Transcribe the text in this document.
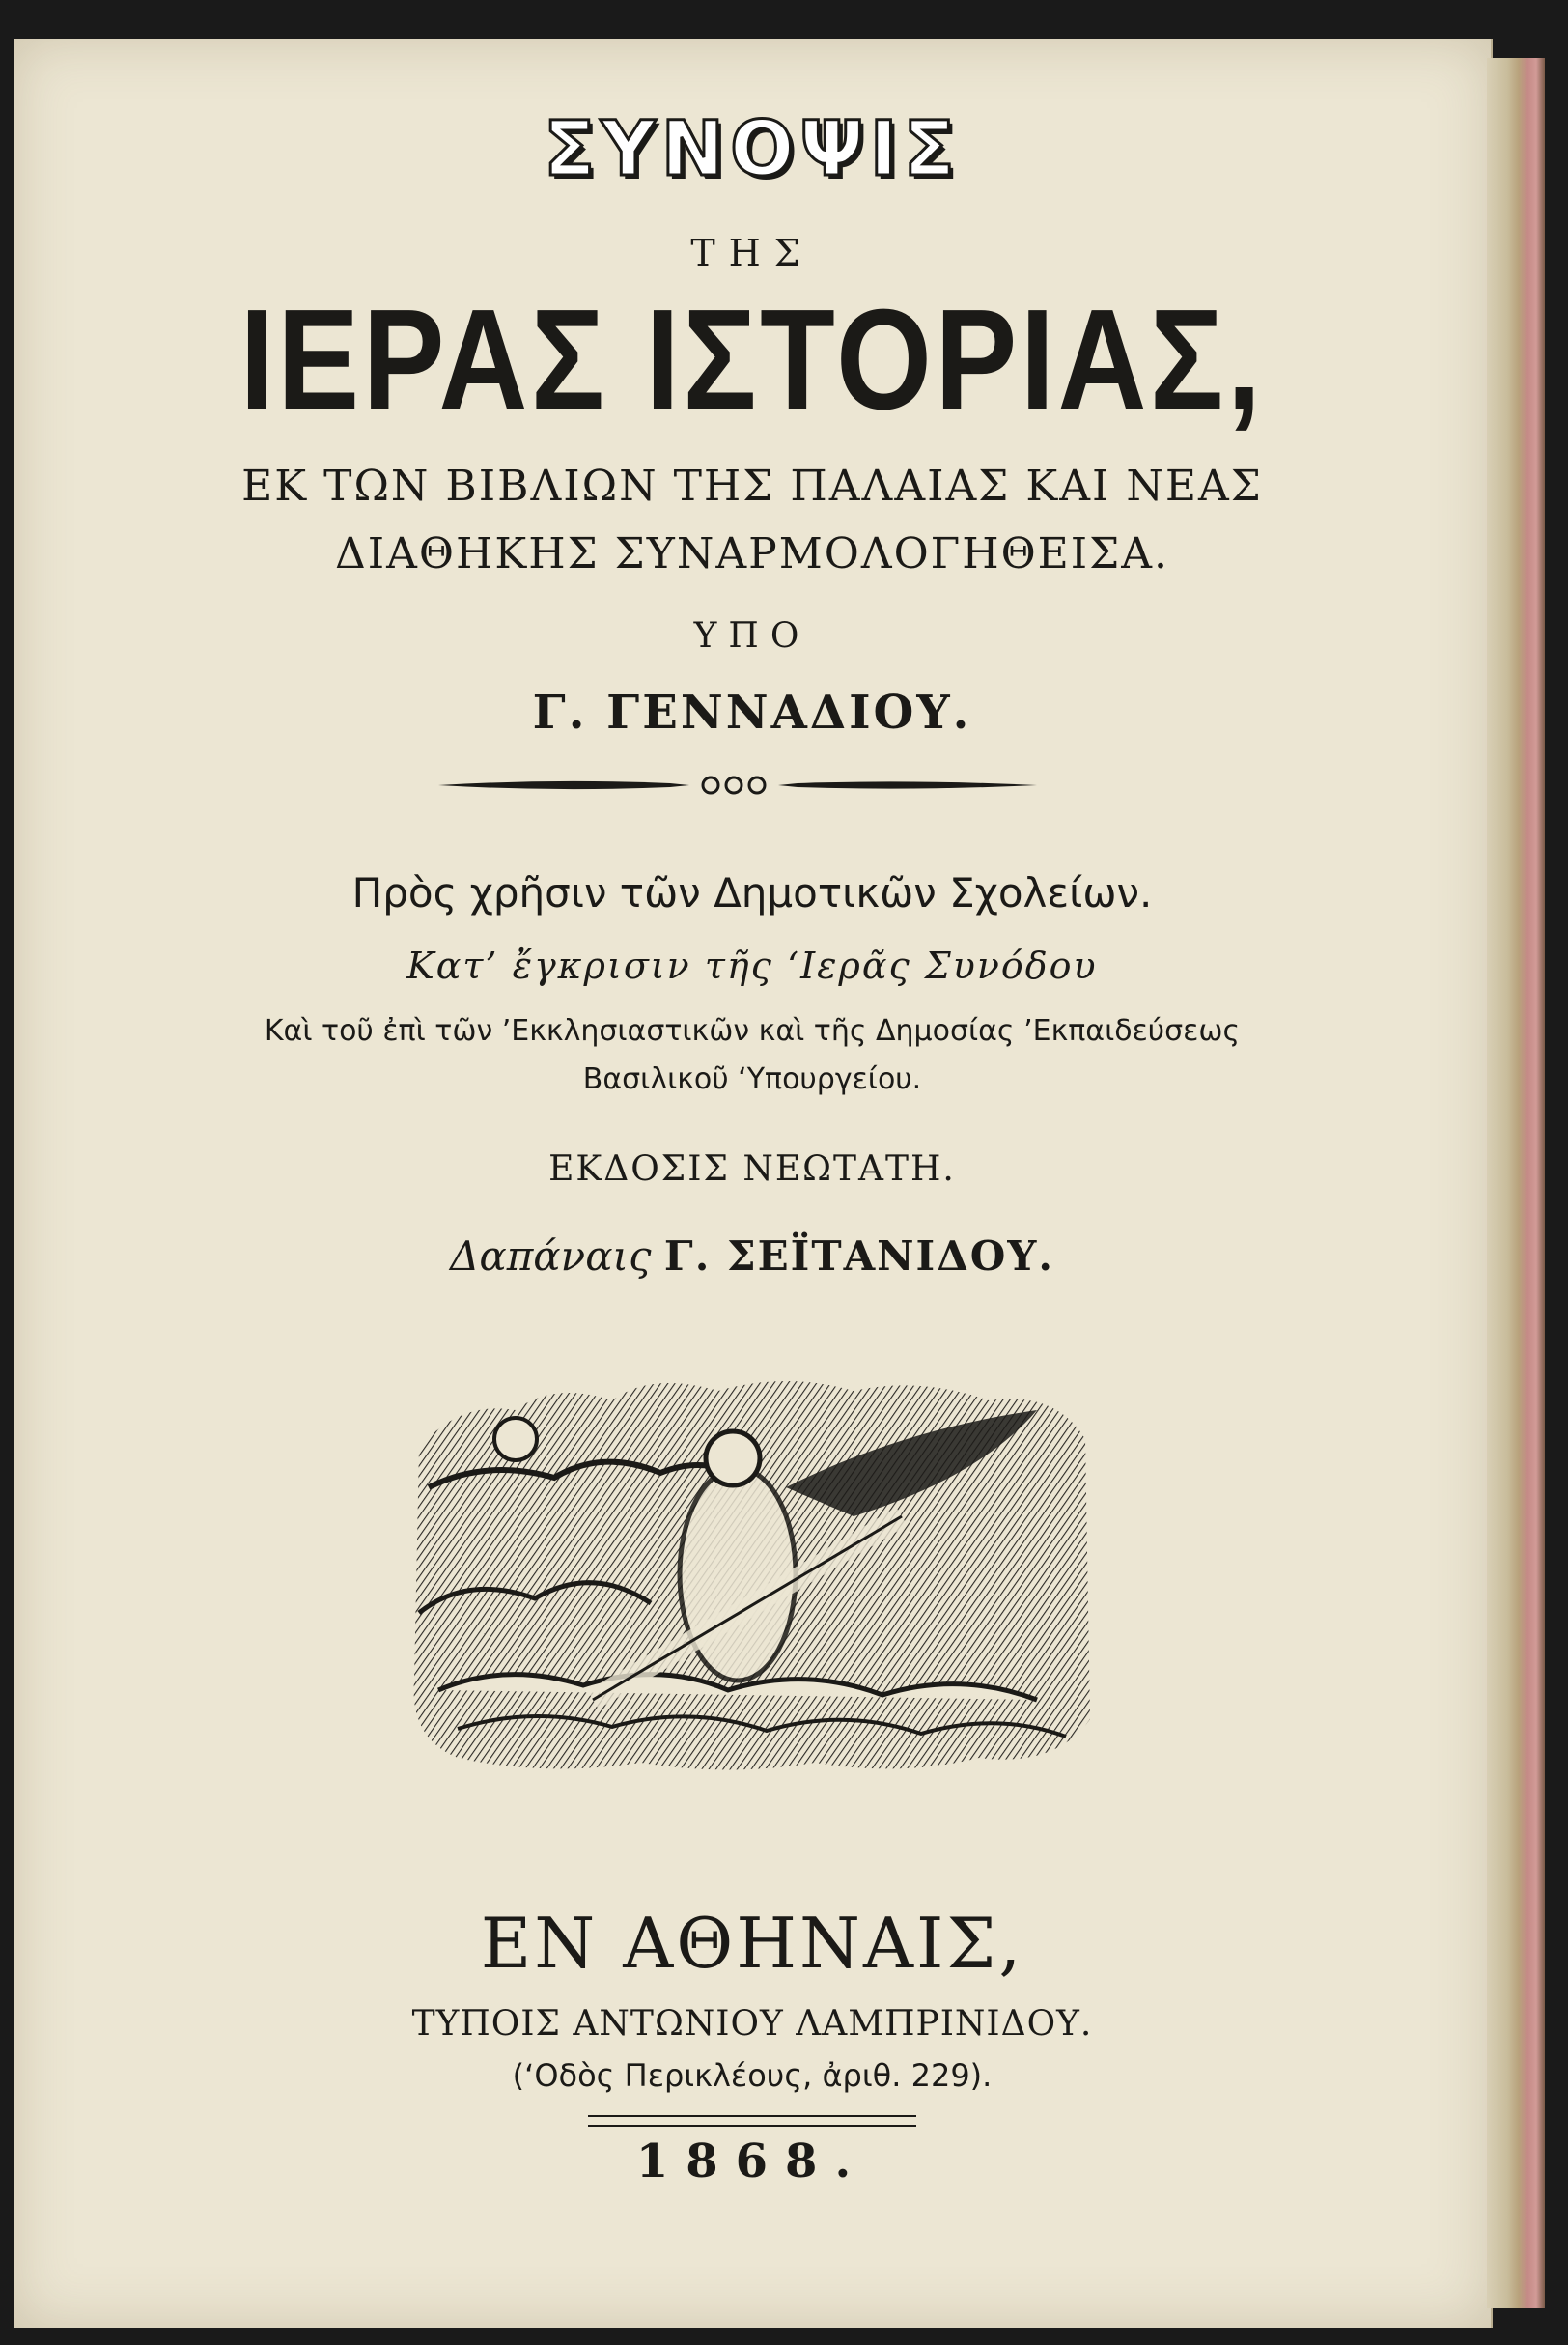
ΣΥΝΟΨΙΣ
ΤΗΣ
ΙΕΡΑΣ ΙΣΤΟΡΙΑΣ,
ΕΚ ΤΩΝ ΒΙΒΛΙΩΝ ΤΗΣ ΠΑΛΑΙΑΣ ΚΑΙ ΝΕΑΣ
ΔΙΑΘΗΚΗΣ ΣΥΝΑΡΜΟΛΟΓΗΘΕΙΣΑ.
ΥΠΟ
Γ. ΓΕΝΝΑΔΙΟΥ.
Πρὸς χρῆσιν τῶν Δημοτικῶν Σχολείων.
Κατ’ ἔγκρισιν τῆς ‘Ιερᾶς Συνόδου
Καὶ τοῦ ἐπὶ τῶν ’Εκκλησιαστικῶν καὶ τῆς Δημοσίας ’Εκπαιδεύσεως
Βασιλικοῦ ‘Υπουργείου.
ΕΚΔΟΣΙΣ ΝΕΩΤΑΤΗ.
Δαπάναις Γ. ΣΕΪΤΑΝΙΔΟΥ.
ΕΝ ΑΘΗΝΑΙΣ,
ΤΥΠΟΙΣ ΑΝΤΩΝΙΟΥ ΛΑΜΠΡΙΝΙΔΟΥ.
(‘Οδὸς Περικλέους, ἀριθ. 229).
1868.
